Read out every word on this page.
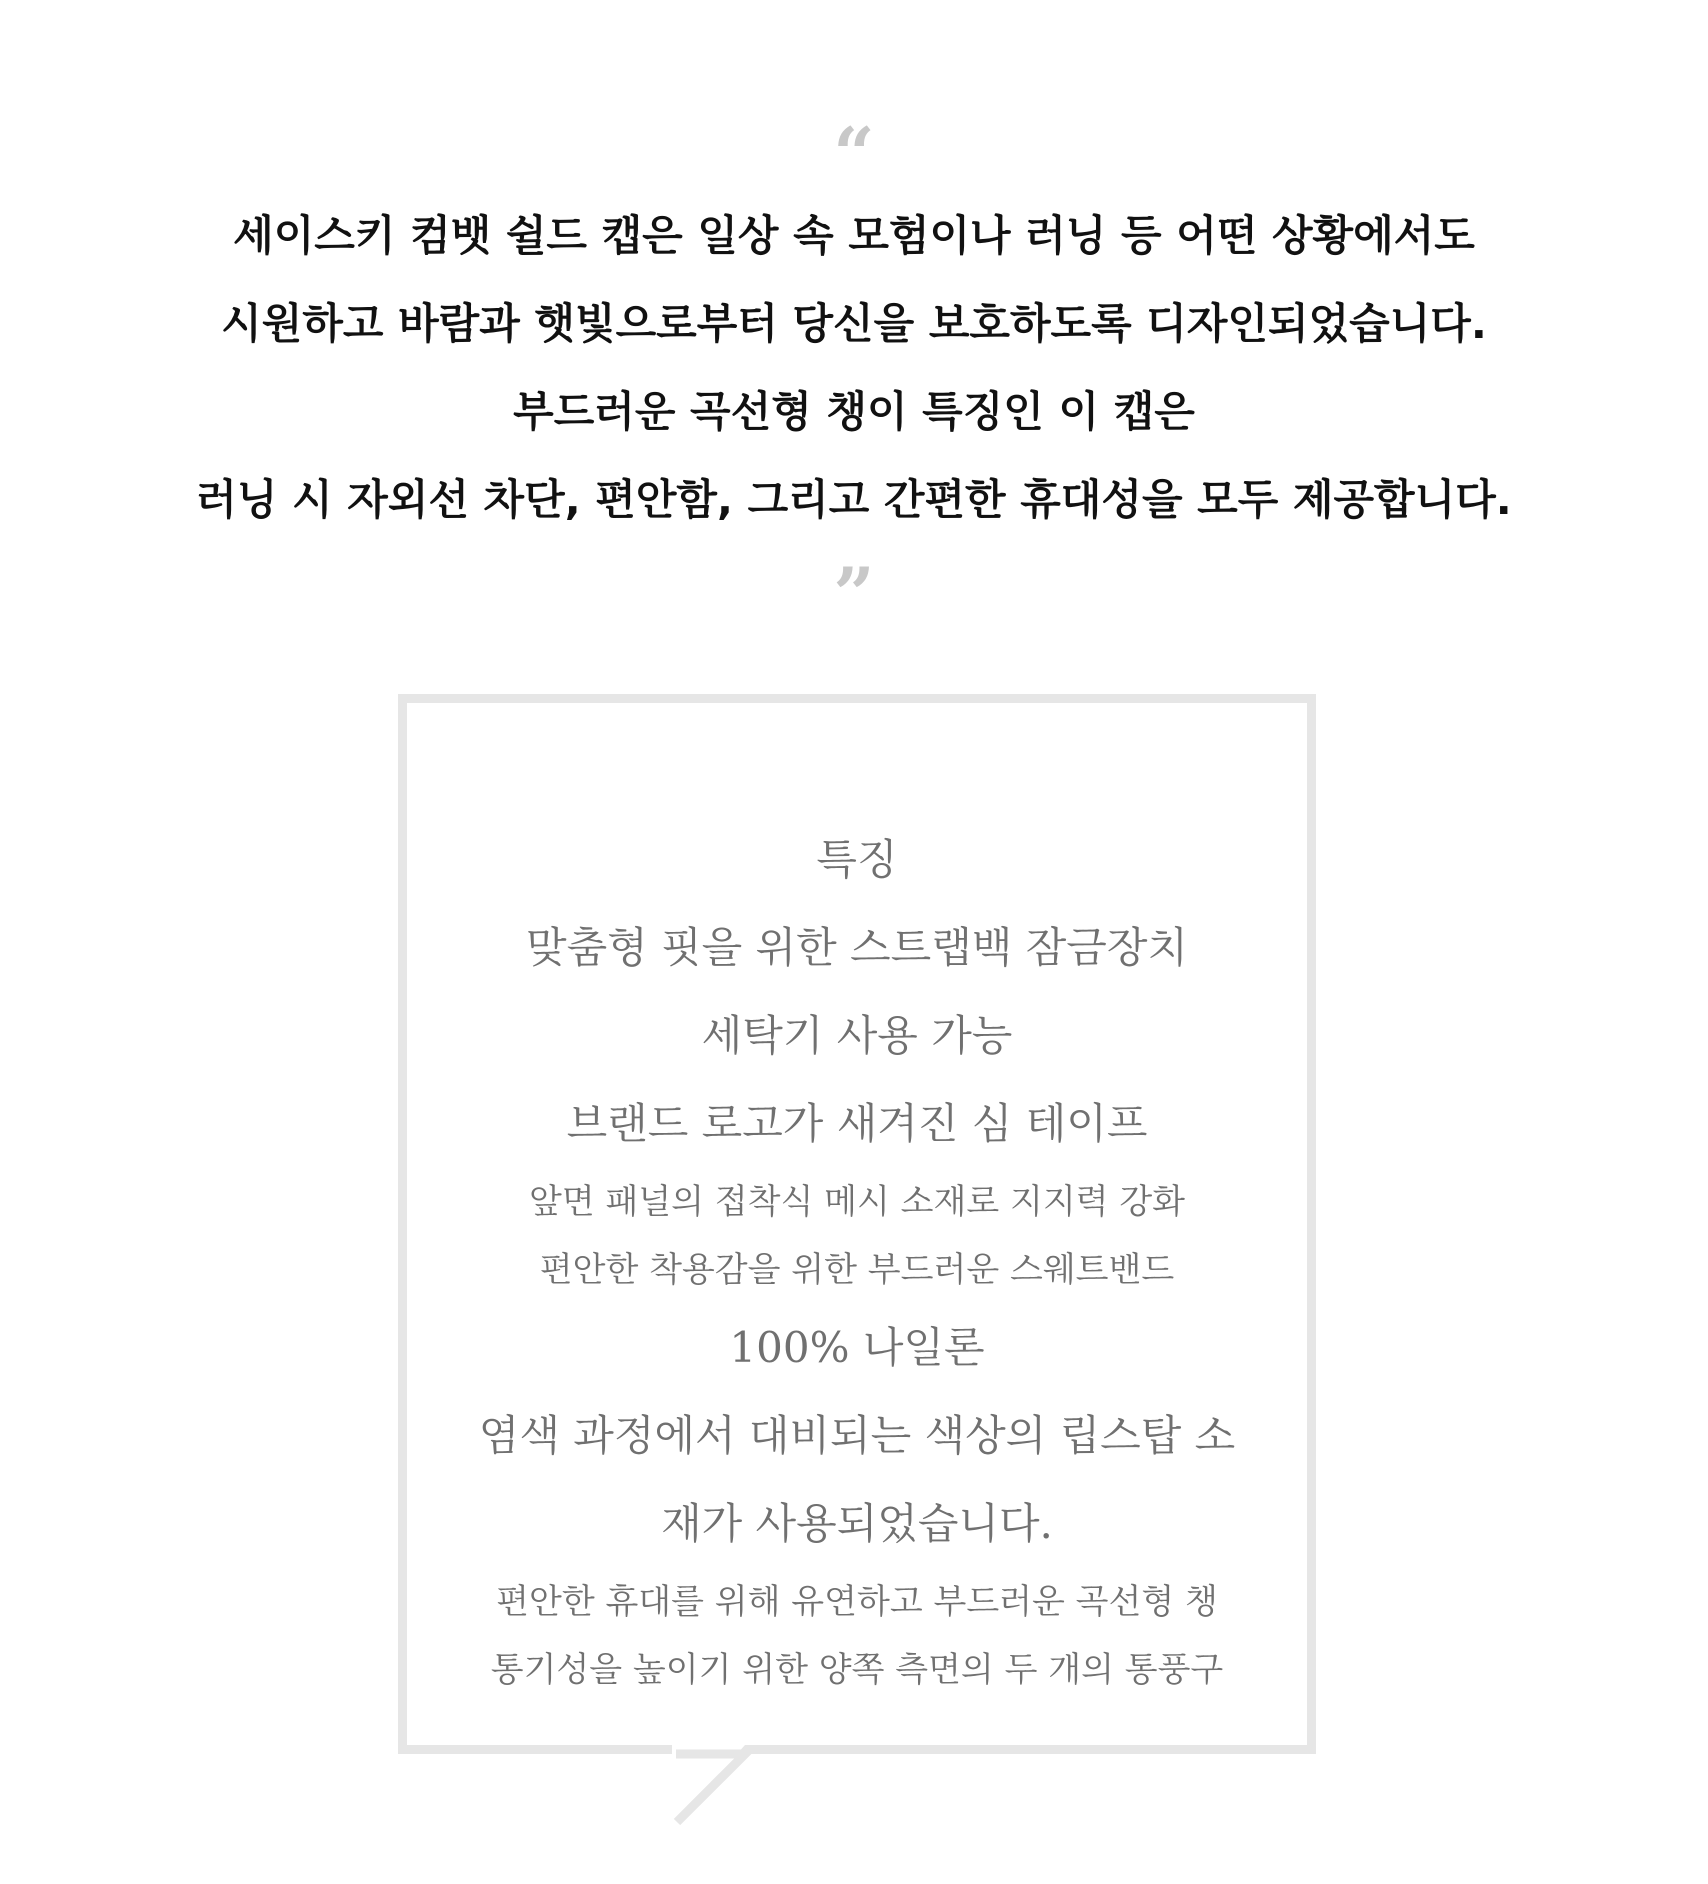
“
세이스키 컴뱃 쉴드 캡은 일상 속 모험이나 러닝 등 어떤 상황에서도
시원하고 바람과 햇빛으로부터 당신을 보호하도록 디자인되었습니다.
부드러운 곡선형 챙이 특징인 이 캡은
러닝 시 자외선 차단, 편안함, 그리고 간편한 휴대성을 모두 제공합니다.
”
특징
맞춤형 핏을 위한 스트랩백 잠금장치
세탁기 사용 가능
브랜드 로고가 새겨진 심 테이프
앞면 패널의 접착식 메시 소재로 지지력 강화
편안한 착용감을 위한 부드러운 스웨트밴드
100% 나일론
염색 과정에서 대비되는 색상의 립스탑 소
재가 사용되었습니다.
편안한 휴대를 위해 유연하고 부드러운 곡선형 챙
통기성을 높이기 위한 양쪽 측면의 두 개의 통풍구
